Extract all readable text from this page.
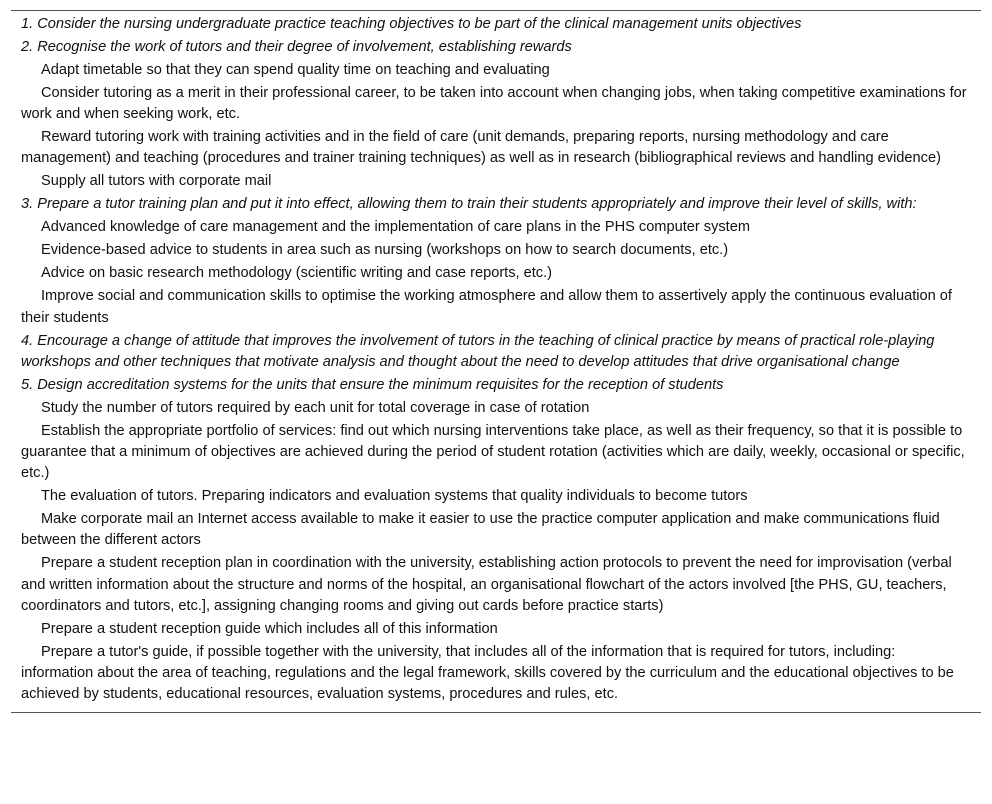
1. Consider the nursing undergraduate practice teaching objectives to be part of the clinical management units objectives
2. Recognise the work of tutors and their degree of involvement, establishing rewards
Adapt timetable so that they can spend quality time on teaching and evaluating
Consider tutoring as a merit in their professional career, to be taken into account when changing jobs, when taking competitive examinations for work and when seeking work, etc.
Reward tutoring work with training activities and in the field of care (unit demands, preparing reports, nursing methodology and care management) and teaching (procedures and trainer training techniques) as well as in research (bibliographical reviews and handling evidence)
Supply all tutors with corporate mail
3. Prepare a tutor training plan and put it into effect, allowing them to train their students appropriately and improve their level of skills, with:
Advanced knowledge of care management and the implementation of care plans in the PHS computer system
Evidence-based advice to students in area such as nursing (workshops on how to search documents, etc.)
Advice on basic research methodology (scientific writing and case reports, etc.)
Improve social and communication skills to optimise the working atmosphere and allow them to assertively apply the continuous evaluation of their students
4. Encourage a change of attitude that improves the involvement of tutors in the teaching of clinical practice by means of practical role-playing workshops and other techniques that motivate analysis and thought about the need to develop attitudes that drive organisational change
5. Design accreditation systems for the units that ensure the minimum requisites for the reception of students
Study the number of tutors required by each unit for total coverage in case of rotation
Establish the appropriate portfolio of services: find out which nursing interventions take place, as well as their frequency, so that it is possible to guarantee that a minimum of objectives are achieved during the period of student rotation (activities which are daily, weekly, occasional or specific, etc.)
The evaluation of tutors. Preparing indicators and evaluation systems that quality individuals to become tutors
Make corporate mail an Internet access available to make it easier to use the practice computer application and make communications fluid between the different actors
Prepare a student reception plan in coordination with the university, establishing action protocols to prevent the need for improvisation (verbal and written information about the structure and norms of the hospital, an organisational flowchart of the actors involved [the PHS, GU, teachers, coordinators and tutors, etc.], assigning changing rooms and giving out cards before practice starts)
Prepare a student reception guide which includes all of this information
Prepare a tutor's guide, if possible together with the university, that includes all of the information that is required for tutors, including: information about the area of teaching, regulations and the legal framework, skills covered by the curriculum and the educational objectives to be achieved by students, educational resources, evaluation systems, procedures and rules, etc.
